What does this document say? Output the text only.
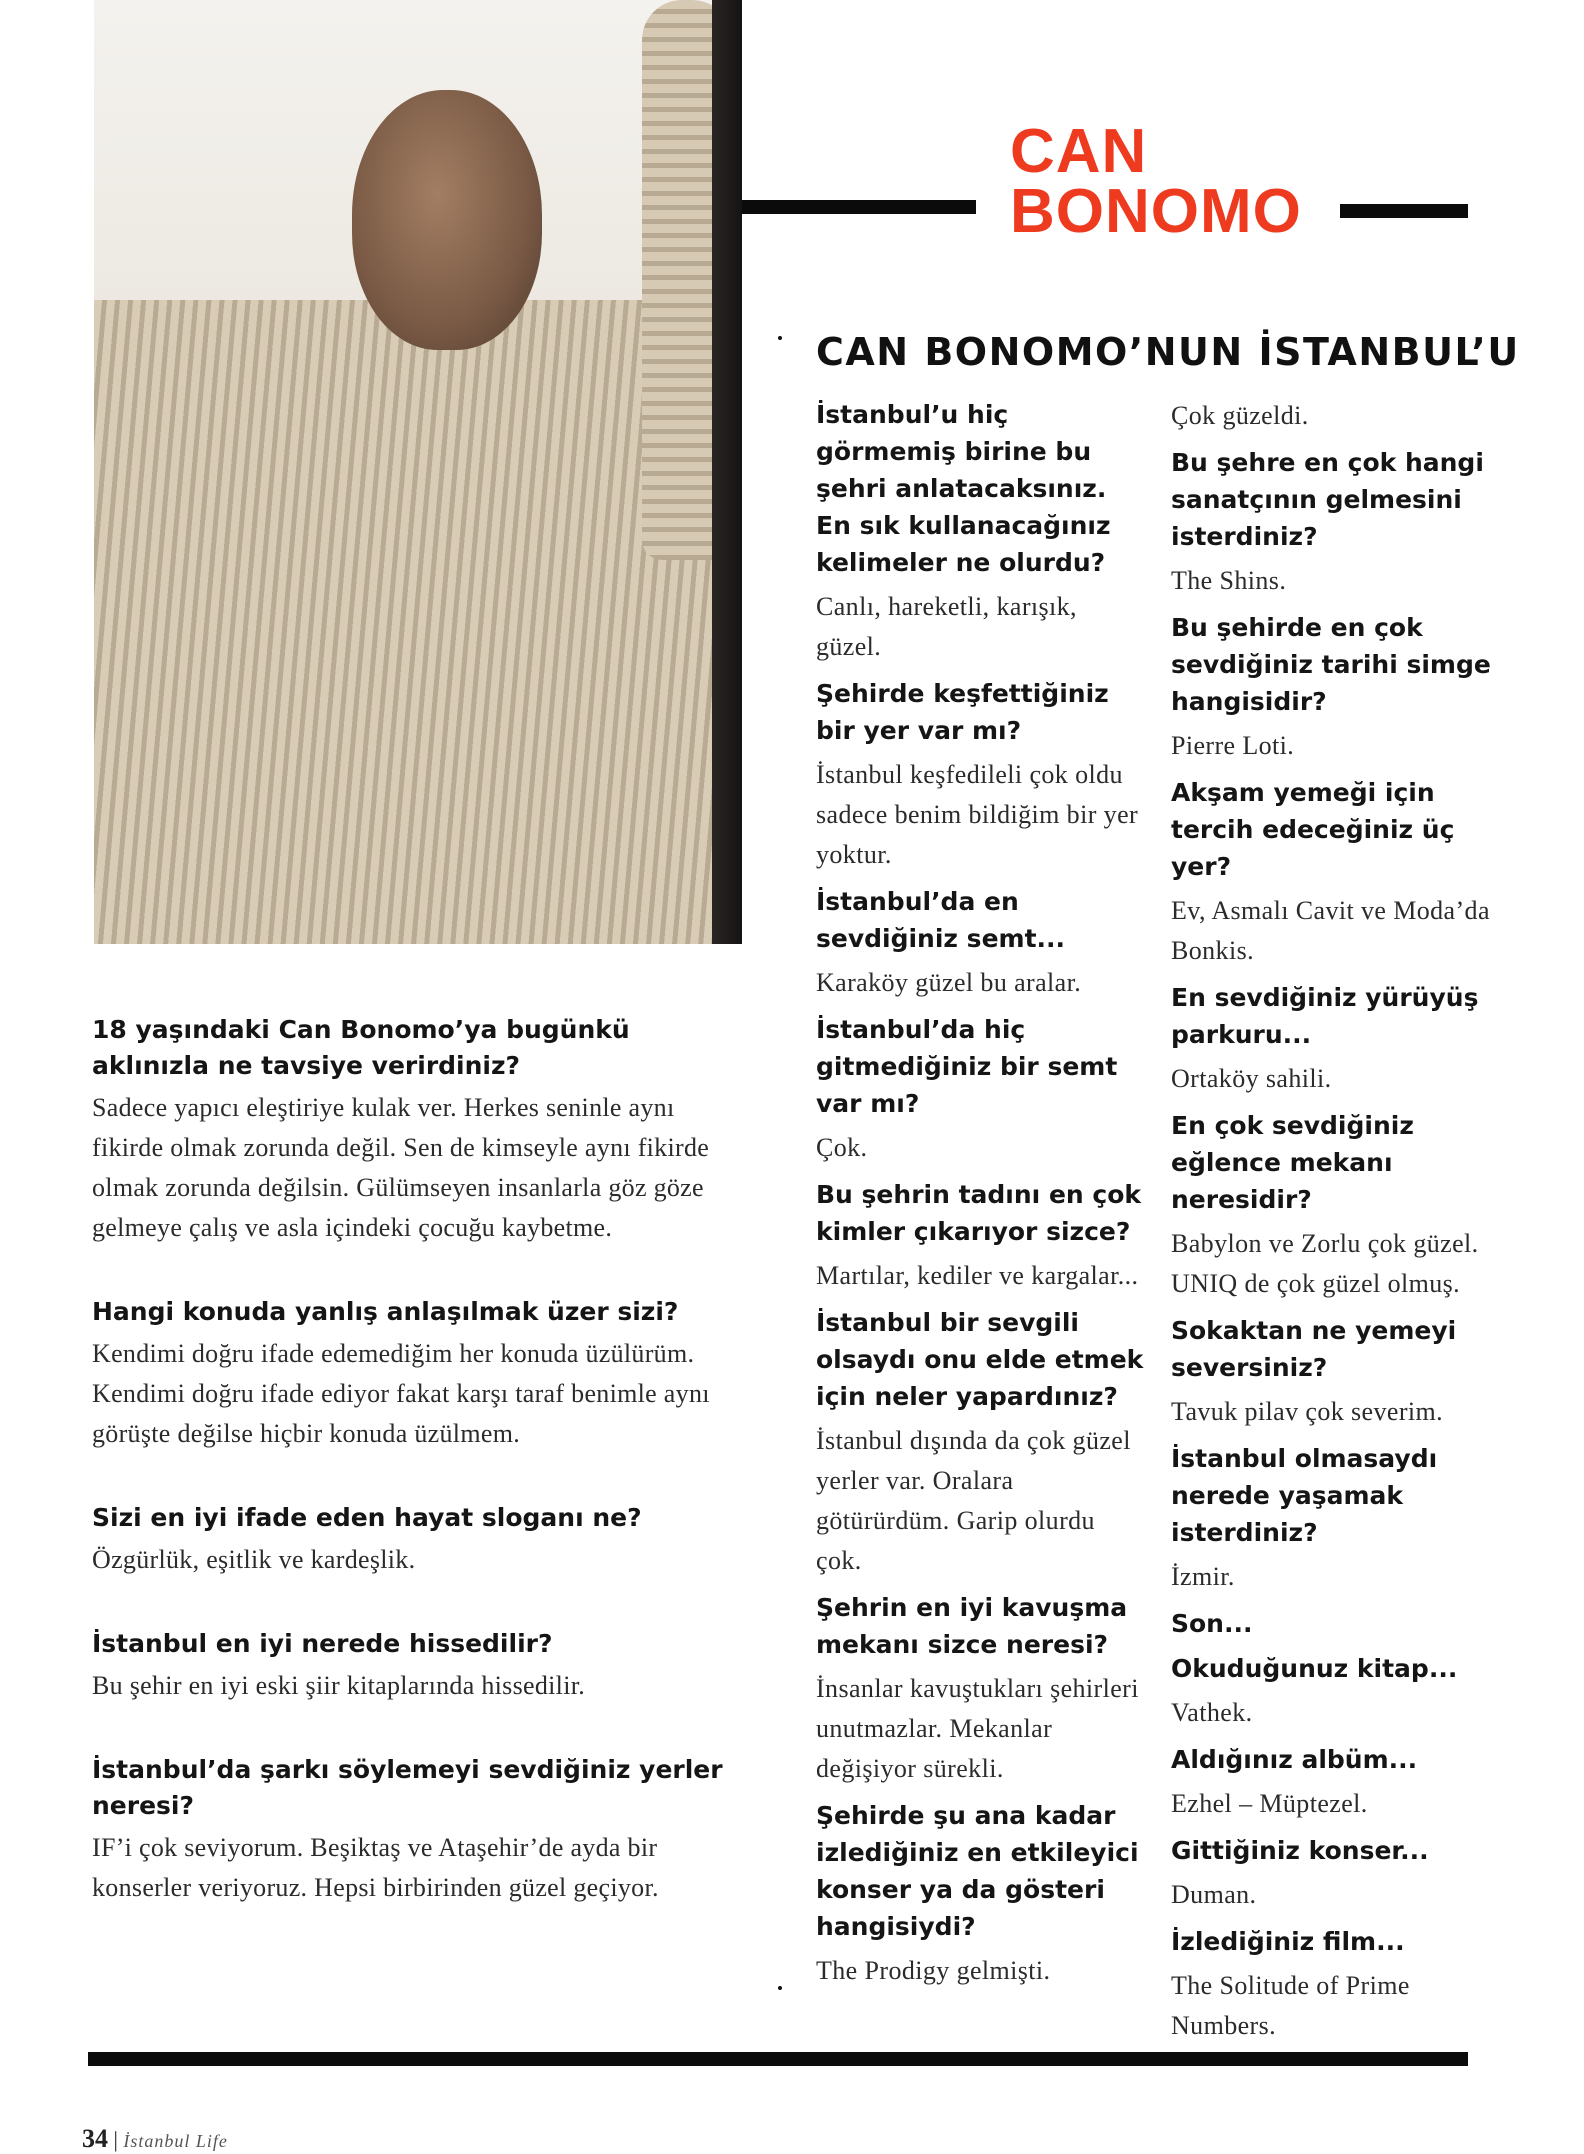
CAN
BONOMO
CAN BONOMO’NUN İSTANBUL’U

18 yaşındaki Can Bonomo’ya bugünkü aklınızla ne tavsiye verirdiniz?

Sadece yapıcı eleştiriye kulak ver. Herkes seninle aynı fikirde olmak zorunda değil. Sen de kimseyle aynı fikirde olmak zorunda değilsin. Gülümseyen insanlarla göz göze gelmeye çalış ve asla içindeki çocuğu kaybetme.

Hangi konuda yanlış anlaşılmak üzer sizi?

Kendimi doğru ifade edemediğim her konuda üzülürüm. Kendimi doğru ifade ediyor fakat karşı taraf benimle aynı görüşte değilse hiçbir konuda üzülmem.

Sizi en iyi ifade eden hayat sloganı ne?

Özgürlük, eşitlik ve kardeşlik.

İstanbul en iyi nerede hissedilir?

Bu şehir en iyi eski şiir kitaplarında hissedilir.

İstanbul’da şarkı söylemeyi sevdiğiniz yerler neresi?

IF’i çok seviyorum. Beşiktaş ve Ataşehir’de ayda bir konserler veriyoruz. Hepsi birbirinden güzel geçiyor.

İstanbul’u hiç görmemiş birine bu şehri anlatacaksınız. En sık kullanacağınız kelimeler ne olurdu?

Canlı, hareketli, karışık, güzel.

Şehirde keşfettiğiniz bir yer var mı?

İstanbul keşfedileli çok oldu sadece benim bildiğim bir yer yoktur.

İstanbul’da en sevdiğiniz semt...

Karaköy güzel bu aralar.

İstanbul’da hiç gitmediğiniz bir semt var mı?

Çok.

Bu şehrin tadını en çok kimler çıkarıyor sizce?

Martılar, kediler ve kargalar...

İstanbul bir sevgili olsaydı onu elde etmek için neler yapardınız?

İstanbul dışında da çok güzel yerler var. Oralara götürürdüm. Garip olurdu çok.

Şehrin en iyi kavuşma mekanı sizce neresi?

İnsanlar kavuştukları şehirleri unutmazlar. Mekanlar değişiyor sürekli.

Şehirde şu ana kadar izlediğiniz en etkileyici konser ya da gösteri hangisiydi?

The Prodigy gelmişti.

Çok güzeldi.

Bu şehre en çok hangi sanatçının gelmesini isterdiniz?

The Shins.

Bu şehirde en çok sevdiğiniz tarihi simge hangisidir?

Pierre Loti.

Akşam yemeği için tercih edeceğiniz üç yer?

Ev, Asmalı Cavit ve Moda’da Bonkis.

En sevdiğiniz yürüyüş parkuru...

Ortaköy sahili.

En çok sevdiğiniz eğlence mekanı neresidir?

Babylon ve Zorlu çok güzel. UNIQ de çok güzel olmuş.

Sokaktan ne yemeyi seversiniz?

Tavuk pilav çok severim.

İstanbul olmasaydı nerede yaşamak isterdiniz?

İzmir.

Son...

Okuduğunuz kitap...

Vathek.

Aldığınız albüm...

Ezhel – Müptezel.

Gittiğiniz konser...

Duman.

İzlediğiniz film...

The Solitude of Prime Numbers.

34 | İstanbul Life
